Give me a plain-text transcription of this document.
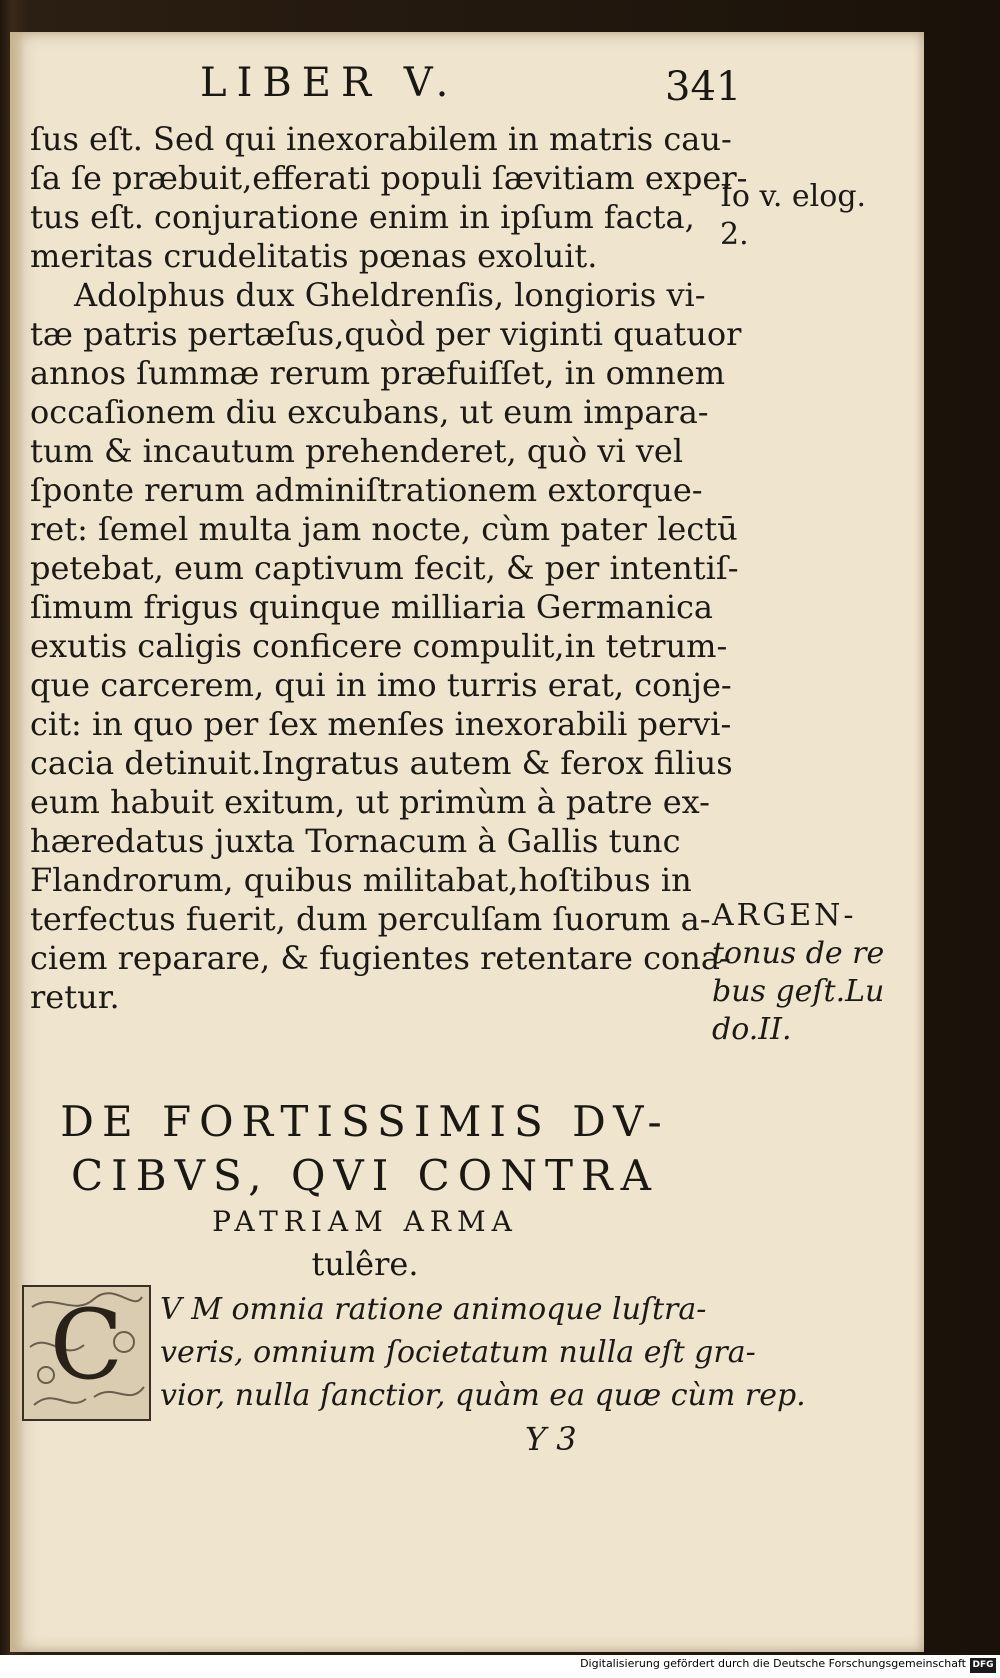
LIBER V.	341
ſus eſt. Sed qui inexorabilem in matris cau-
ſa ſe præbuit,efferati populi ſævitiam exper-
tus eſt. conjuratione enim in ipſum facta,
meritas crudelitatis pœnas exoluit.
Adolphus dux Gheldrenſis, longioris vi-
tæ patris pertæſus,quòd per viginti quatuor
annos ſummæ rerum præfuiſſet, in omnem
occaſionem diu excubans, ut eum impara-
tum & incautum prehenderet, quò vi vel
ſponte rerum adminiſtrationem extorque-
ret: ſemel multa jam nocte, cùm pater lectū
petebat, eum captivum fecit, & per intentiſ-
ſimum frigus quinque milliaria Germanica
exutis caligis conficere compulit,in tetrum-
que carcerem, qui in imo turris erat, conje-
cit: in quo per ſex menſes inexorabili pervi-
cacia detinuit.Ingratus autem & ferox filius
eum habuit exitum, ut primùm à patre ex-
hæredatus juxta Tornacum à Gallis tunc
Flandrorum, quibus militabat,hoſtibus in
terfectus fuerit, dum perculſam ſuorum a-
ciem reparare, & fugientes retentare cona-
retur.
Io v. elog.
2.
ARGEN-
tonus de re
bus geſt.Lu
do.II.
DE FORTISSIMIS DV-
CIBVS, QVI CONTRA
PATRIAM ARMA
tulêre.
C	V M omnia ratione animoque luſtra-
veris, omnium ſocietatum nulla eſt gra-
vior, nulla ſanctior, quàm ea quæ cùm rep.
Y 3
Digitalisierung gefördert durch die Deutsche Forschungsgemeinschaft DFG
